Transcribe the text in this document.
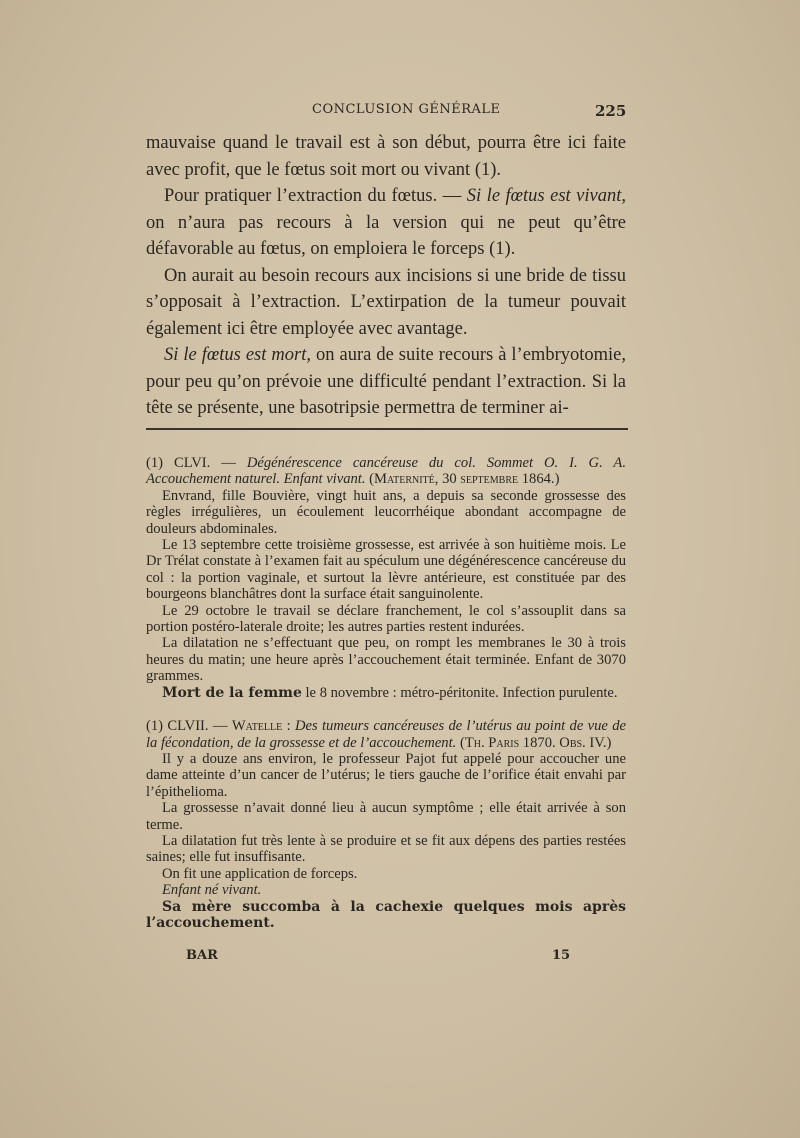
CONCLUSION GÉNÉRALE	225

mauvaise quand le travail est à son début, pourra être ici faite avec profit, que le fœtus soit mort ou vivant (1).

Pour pratiquer l’extraction du fœtus. — Si le fœtus est vivant, on n’aura pas recours à la version qui ne peut qu’être défavorable au fœtus, on emploiera le forceps (1).

On aurait au besoin recours aux incisions si une bride de tissu s’opposait à l’extraction. L’extirpation de la tumeur pouvait également ici être employée avec avantage.

Si le fœtus est mort, on aura de suite recours à l’embryotomie, pour peu qu’on prévoie une difficulté pendant l’extraction. Si la tête se présente, une basotripsie permettra de terminer ai-

(1) CLVI. — Dégénérescence cancéreuse du col. Sommet O. I. G. A. Accouchement naturel. Enfant vivant. (Maternité, 30 septembre 1864.)

Envrand, fille Bouvière, vingt huit ans, a depuis sa seconde grossesse des règles irrégulières, un écoulement leucorrhéique abondant accompagne de douleurs abdominales.

Le 13 septembre cette troisième grossesse, est arrivée à son huitième mois. Le Dr Trélat constate à l’examen fait au spéculum une dégénérescence cancéreuse du col : la portion vaginale, et surtout la lèvre antérieure, est constituée par des bourgeons blanchâtres dont la surface était sanguinolente.

Le 29 octobre le travail se déclare franchement, le col s’assouplit dans sa portion postéro-laterale droite; les autres parties restent indurées.

La dilatation ne s’effectuant que peu, on rompt les membranes le 30 à trois heures du matin; une heure après l’accouchement était terminée. Enfant de 3070 grammes.

Mort de la femme le 8 novembre : métro-péritonite. Infection purulente.

(1) CLVII. — Watelle : Des tumeurs cancéreuses de l’utérus au point de vue de la fécondation, de la grossesse et de l’accouchement. (Th. Paris 1870. Obs. IV.)

Il y a douze ans environ, le professeur Pajot fut appelé pour accoucher une dame atteinte d’un cancer de l’utérus; le tiers gauche de l’orifice était envahi par l’épithelioma.

La grossesse n’avait donné lieu à aucun symptôme ; elle était arrivée à son terme.

La dilatation fut très lente à se produire et se fit aux dépens des parties restées saines; elle fut insuffisante.

On fit une application de forceps.

Enfant né vivant.

Sa mère succomba à la cachexie quelques mois après l’accouchement.

BAR	15
